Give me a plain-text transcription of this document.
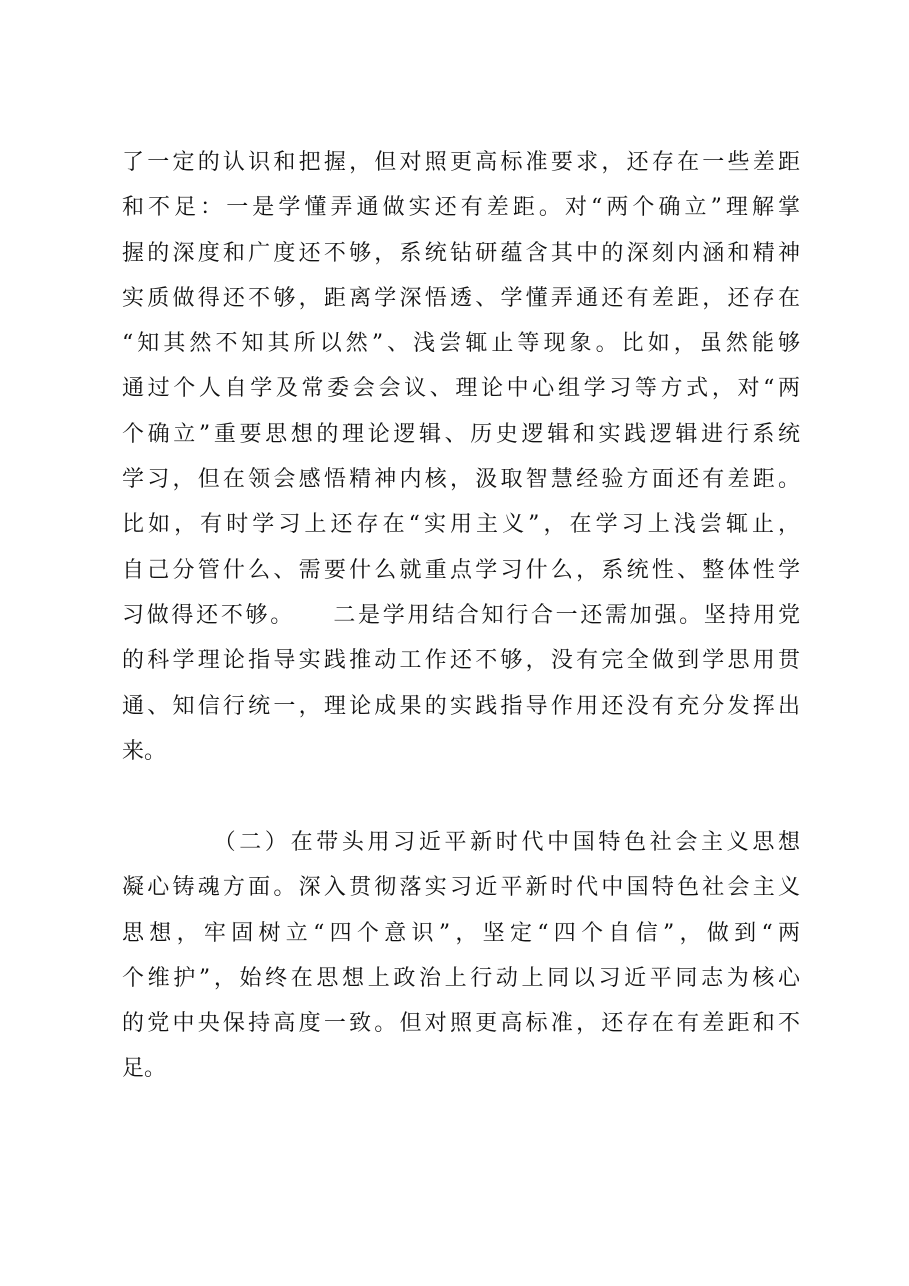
了一定的认识和把握，但对照更高标准要求，还存在一些差距
和不足：一是学懂弄通做实还有差距。对“两个确立”理解掌
握的深度和广度还不够，系统钻研蕴含其中的深刻内涵和精神
实质做得还不够，距离学深悟透、学懂弄通还有差距，还存在
“知其然不知其所以然”、浅尝辄止等现象。比如，虽然能够
通过个人自学及常委会会议、理论中心组学习等方式，对“两
个确立”重要思想的理论逻辑、历史逻辑和实践逻辑进行系统
学习，但在领会感悟精神内核，汲取智慧经验方面还有差距。
比如，有时学习上还存在“实用主义”，在学习上浅尝辄止，
自己分管什么、需要什么就重点学习什么，系统性、整体性学
习做得还不够。　　二是学用结合知行合一还需加强。坚持用党
的科学理论指导实践推动工作还不够，没有完全做到学思用贯
通、知信行统一，理论成果的实践指导作用还没有充分发挥出
来。
　　　　（二）在带头用习近平新时代中国特色社会主义思想
凝心铸魂方面。深入贯彻落实习近平新时代中国特色社会主义
思想，牢固树立“四个意识”，坚定“四个自信”，做到“两
个维护”，始终在思想上政治上行动上同以习近平同志为核心
的党中央保持高度一致。但对照更高标准，还存在有差距和不
足。
